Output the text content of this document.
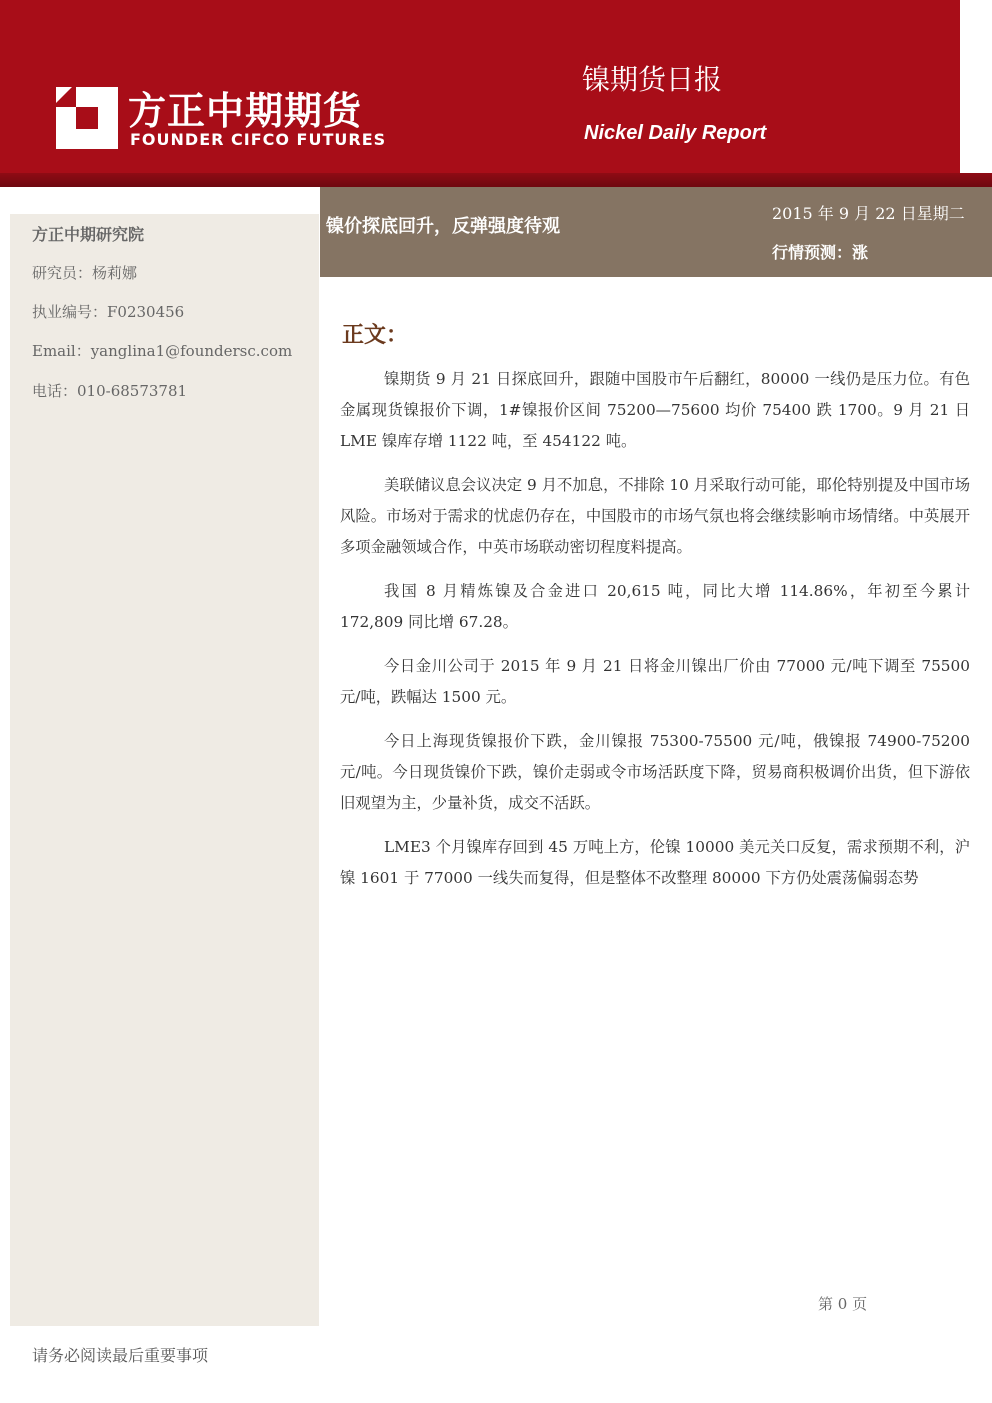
方正中期期货
FOUNDER CIFCO FUTURES
镍期货日报
Nickel Daily Report
方正中期研究院
研究员：杨莉娜
执业编号：F0230456
Email：yanglina1@foundersc.com
电话：010-68573781
镍价探底回升，反弹强度待观
2015 年 9 月 22 日星期二
行情预测：涨
正文：

镍期货 9 月 21 日探底回升，跟随中国股市午后翻红，80000 一线仍是压力位。有色金属现货镍报价下调，1#镍报价区间 75200—75600 均价 75400 跌 1700。9 月 21 日 LME 镍库存增 1122 吨，至 454122 吨。

美联储议息会议决定 9 月不加息，不排除 10 月采取行动可能，耶伦特别提及中国市场风险。市场对于需求的忧虑仍存在，中国股市的市场气氛也将会继续影响市场情绪。中英展开多项金融领域合作，中英市场联动密切程度料提高。

我国 8 月精炼镍及合金进口 20,615 吨，同比大增 114.86%，年初至今累计 172,809 同比增 67.28。

今日金川公司于 2015 年 9 月 21 日将金川镍出厂价由 77000 元/吨下调至 75500 元/吨，跌幅达 1500 元。

今日上海现货镍报价下跌，金川镍报 75300-75500 元/吨，俄镍报 74900-75200 元/吨。今日现货镍价下跌，镍价走弱或令市场活跃度下降，贸易商积极调价出货，但下游依旧观望为主，少量补货，成交不活跃。

LME3 个月镍库存回到 45 万吨上方，伦镍 10000 美元关口反复，需求预期不利，沪镍 1601 于 77000 一线失而复得，但是整体不改整理 80000 下方仍处震荡偏弱态势

第 0 页
请务必阅读最后重要事项
